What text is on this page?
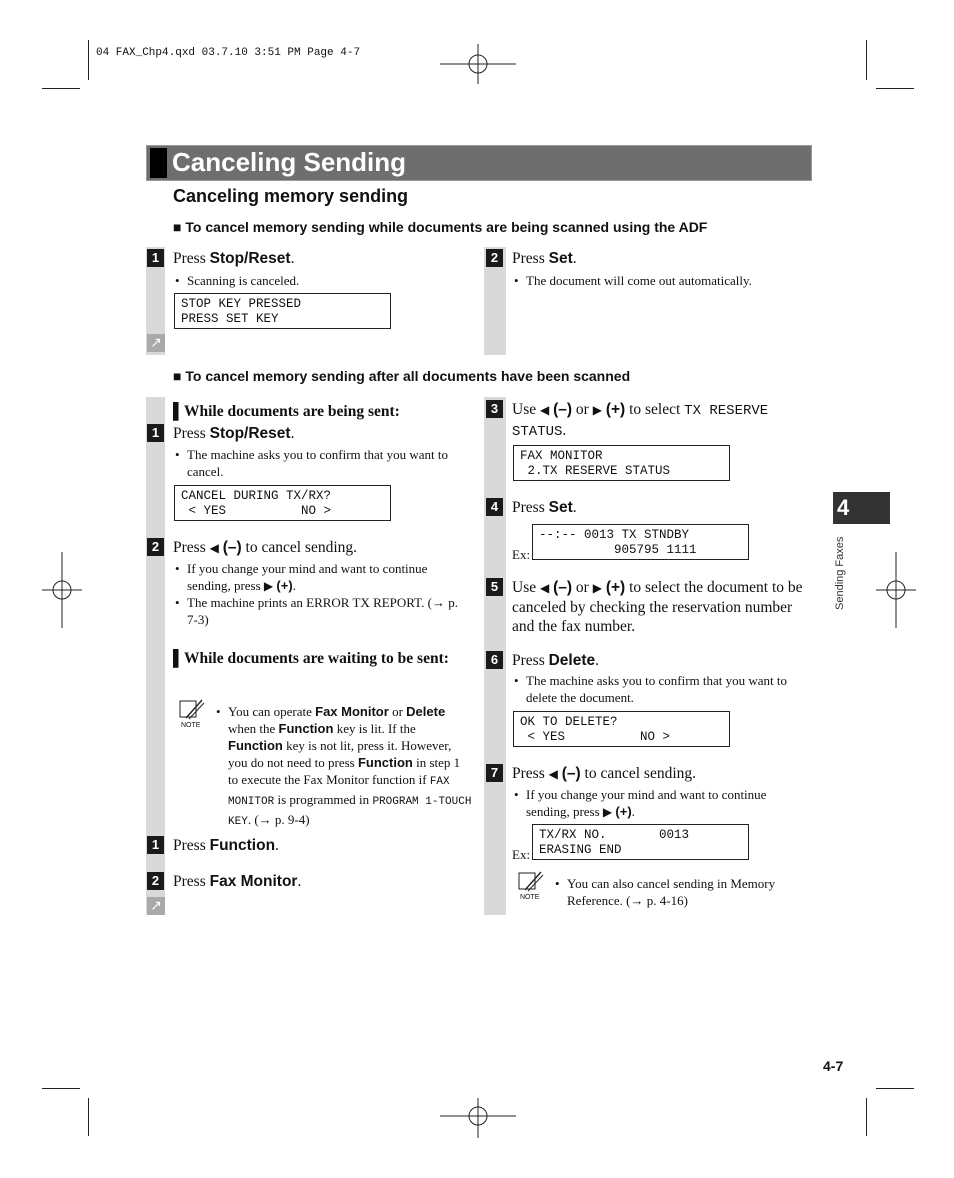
04 FAX_Chp4.qxd 03.7.10 3:51 PM Page 4-7
Canceling Sending
Canceling memory sending
■ To cancel memory sending while documents are being scanned using the ADF
1 Press Stop/Reset.
• Scanning is canceled.
STOP KEY PRESSED
PRESS SET KEY
↗
2 Press Set.
• The document will come out automatically.
■ To cancel memory sending after all documents have been scanned
▌While documents are being sent:
1 Press Stop/Reset.
• The machine asks you to confirm that you want to cancel.
CANCEL DURING TX/RX?
< YES          NO >
2 Press ◀ (–) to cancel sending.
• If you change your mind and want to continue sending, press ▶ (+).
• The machine prints an ERROR TX REPORT. (→ p. 7-3)
▌While documents are waiting to be sent:
NOTE
• You can operate Fax Monitor or Delete when the Function key is lit. If the Function key is not lit, press it. However, you do not need to press Function in step 1 to execute the Fax Monitor function if FAX MONITOR is programmed in PROGRAM 1-TOUCH KEY. (→ p. 9-4)
1 Press Function.
2 Press Fax Monitor.
↗
3 Use ◀ (–) or ▶ (+) to select TX RESERVE STATUS.
FAX MONITOR
2.TX RESERVE STATUS
4 Press Set.
Ex:
--:-- 0013 TX STNDBY
905795 1111
5 Use ◀ (–) or ▶ (+) to select the document to be canceled by checking the reservation number and the fax number.
6 Press Delete.
• The machine asks you to confirm that you want to delete the document.
OK TO DELETE?
< YES          NO >
7 Press ◀ (–) to cancel sending.
• If you change your mind and want to continue sending, press ▶ (+).
Ex:
TX/RX NO.       0013
ERASING END
NOTE
• You can also cancel sending in Memory Reference. (→ p. 4-16)
4
Sending Faxes
4-7
